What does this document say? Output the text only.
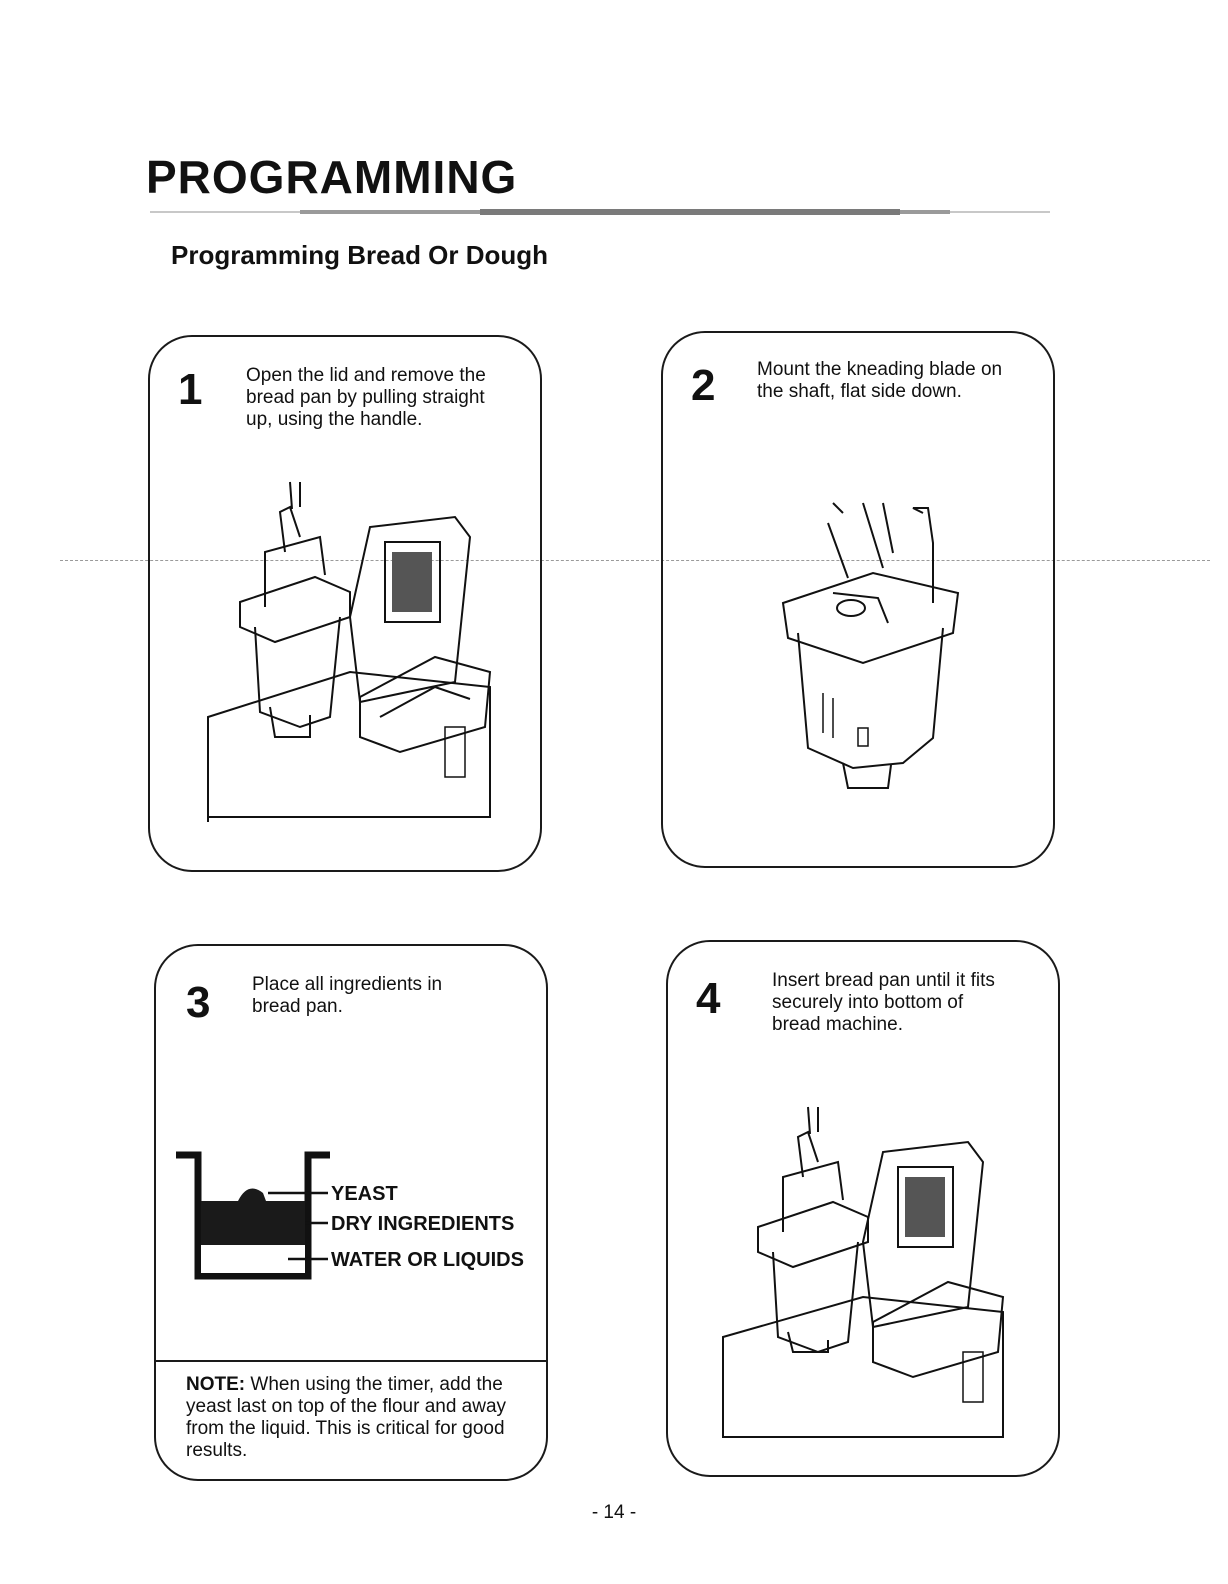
PROGRAMMING
Programming Bread Or Dough
1 Open the lid and remove the
bread pan by pulling straight
up, using the handle.
2 Mount the kneading blade on
the shaft, flat side down.
3 Place all ingredients in
bread pan.
YEAST
DRY INGREDIENTS
WATER OR LIQUIDS
NOTE: When using the timer, add the yeast last on top of the flour and away from the liquid. This is critical for good results.
4	Insert bread pan until it fits
securely into bottom of
bread machine.
- 14 -
